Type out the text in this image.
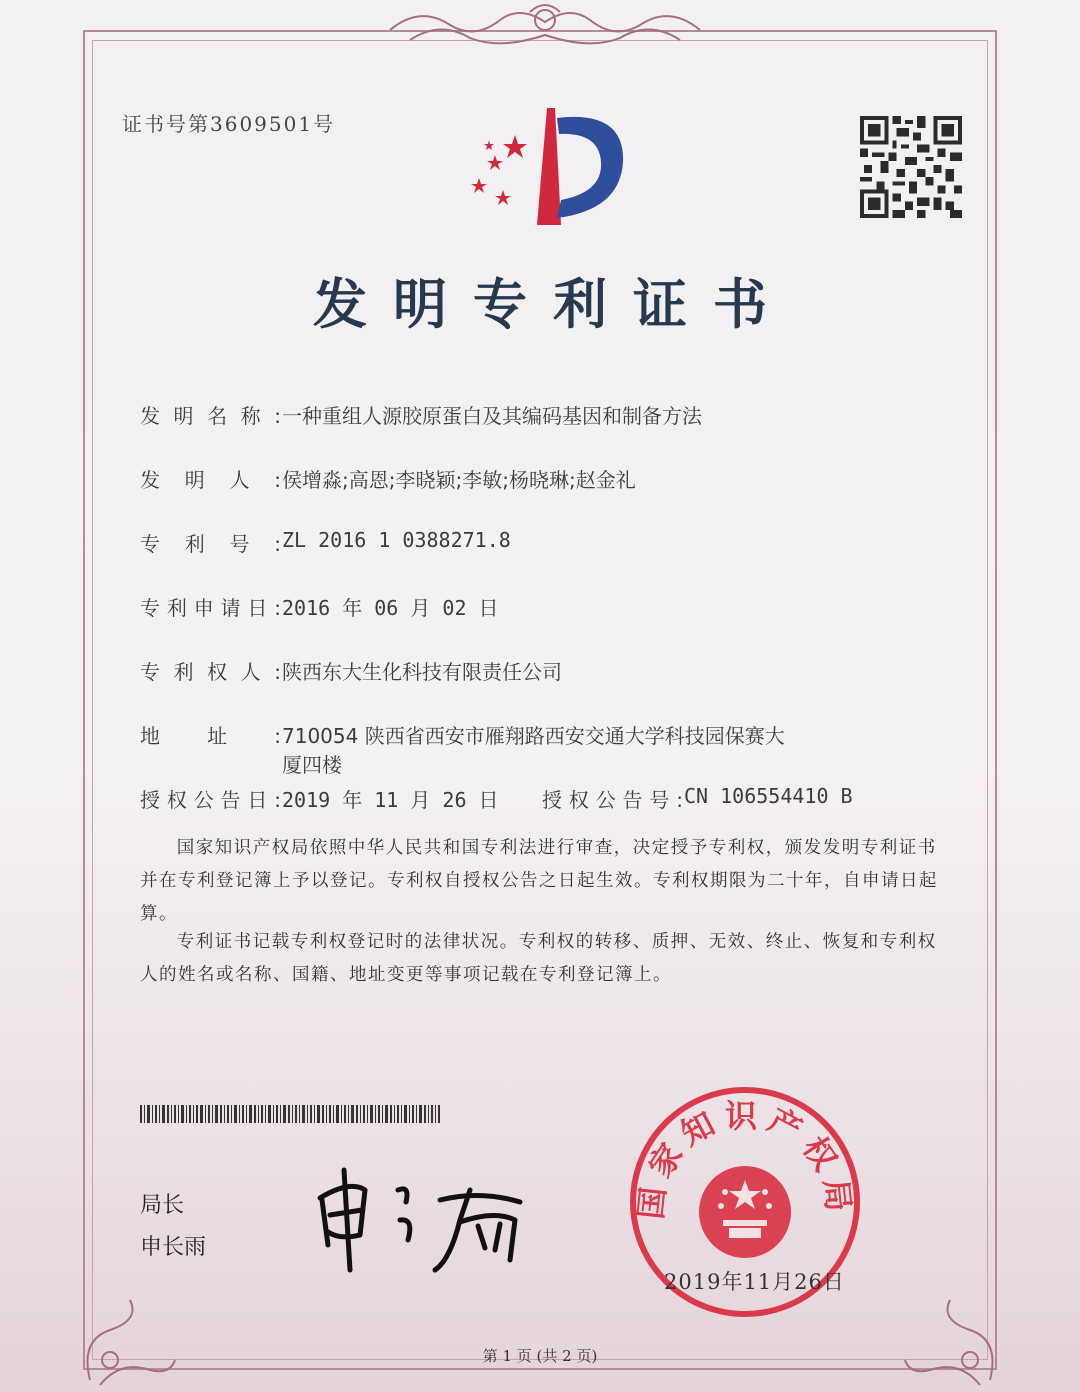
证书号第3609501号
发明专利证书
发明名称:一种重组人源胶原蛋白及其编码基因和制备方法
发明人:侯增淼;高恩;李晓颖;李敏;杨晓琳;赵金礼
专利号:ZL 2016 1 0388271.8
专利申请日:2016 年 06 月 02 日
专利权人:陕西东大生化科技有限责任公司
地址:710054 陕西省西安市雁翔路西安交通大学科技园保赛大
厦四楼
授权公告日:2019 年 11 月 26 日 授权公告号:CN 106554410 B
国家知识产权局依照中华人民共和国专利法进行审查，决定授予专利权，颁发发明专利证书并在专利登记簿上予以登记。专利权自授权公告之日起生效。专利权期限为二十年，自申请日起算。
专利证书记载专利权登记时的法律状况。专利权的转移、质押、无效、终止、恢复和专利权人的姓名或名称、国籍、地址变更等事项记载在专利登记簿上。
局长
申长雨
国家知识产权局
2019年11月26日
第 1 页 (共 2 页)
